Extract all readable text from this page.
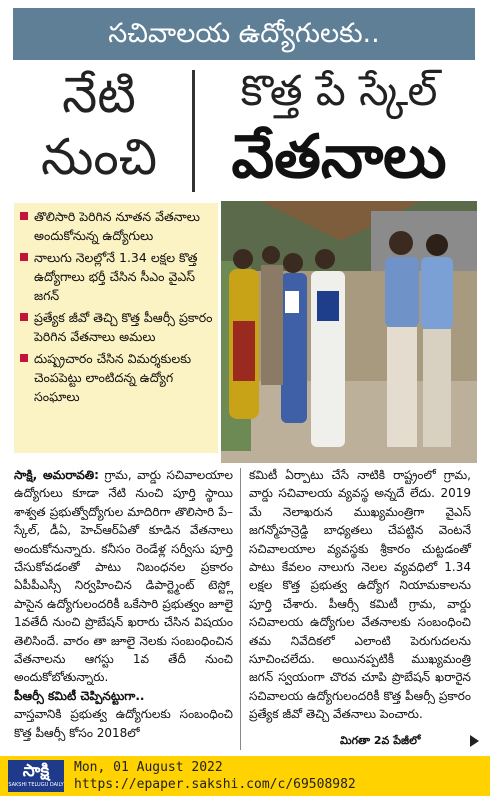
సచివాలయ ఉద్యోగులకు..
నేటి
నుంచి
కొత్త పే స్కేల్
వేతనాలు
తొలిసారి పెరిగిన నూతన వేతనాలు అందుకోనున్న ఉద్యోగులు
నాలుగు నెలల్లోనే 1.34 లక్షల కొత్త ఉద్యోగాలు భర్తీ చేసిన సీఎం వైఎస్ జగన్
ప్రత్యేక జీవో తెచ్చి కొత్త పీఆర్సీ ప్రకారం పెరిగిన వేతనాలు అమలు
దుష్ప్రచారం చేసిన విమర్శకులకు చెంపపెట్టు లాంటిదన్న ఉద్యోగ సంఘాలు
సాక్షి, అమరావతి: గ్రామ, వార్డు సచివాలయాల ఉద్యోగులు కూడా నేటి నుంచి పూర్తి స్థాయి శాశ్వత ప్రభుత్వోద్యోగుల మాదిరిగా తొలిసారి పే–స్కేల్, డీఏ, హెచ్ఆర్ఏతో కూడిన వేతనాలు అందుకోనున్నారు. కనీసం రెండేళ్ల సర్వీసు పూర్తి చేసుకోవడంతో పాటు నిబంధనల ప్రకారం ఏపీపీఎస్సీ నిర్వహించిన డిపార్ట్మెంట్ టెస్ట్లో పాసైన ఉద్యోగులందరికీ ఒకేసారి ప్రభుత్వం జూలై 1వతేదీ నుంచి ప్రొబేషన్ ఖరారు చేసిన విషయం తెలిసిందే. వారం తా జూలై నెలకు సంబంధించిన వేతనాలను ఆగస్టు 1వ తేదీ నుంచి అందుకోబోతున్నారు.
పీఆర్సీ కమిటీ చెప్పినట్టుగా..
వాస్తవానికి ప్రభుత్వ ఉద్యోగులకు సంబంధించి కొత్త పీఆర్సీ కోసం 2018లో
కమిటీ ఏర్పాటు చేసే నాటికి రాష్ట్రంలో గ్రామ, వార్డు సచివాలయ వ్యవస్థ అన్నదే లేదు. 2019 మే నెలాఖరున ముఖ్యమంత్రిగా వైఎస్ జగన్మోహన్రెడ్డి బాధ్యతలు చేపట్టిన వెంటనే సచివాలయాల వ్యవస్థకు శ్రీకారం చుట్టడంతో పాటు కేవలం నాలుగు నెలల వ్యవధిలో 1.34 లక్షల కొత్త ప్రభుత్వ ఉద్యోగ నియామకాలను పూర్తి చేశారు. పీఆర్సీ కమిటీ గ్రామ, వార్డు సచివాలయ ఉద్యోగుల వేతనాలకు సంబంధించి తమ నివేదికలో ఎలాంటి పెరుగుదలను సూచించలేదు. అయినప్పటికీ ముఖ్యమంత్రి జగన్ స్వయంగా చొరవ చూపి ప్రొబేషన్ ఖరారైన సచివాలయ ఉద్యోగులందరికీ కొత్త పీఆర్సీ ప్రకారం ప్రత్యేక జీవో తెచ్చి వేతనాలు పెంచారు.
మిగతా 2వ పేజీలో
సాక్షి
SAKSHI TELUGU DAILY
Mon, 01 August 2022
https://epaper.sakshi.com/c/69508982
